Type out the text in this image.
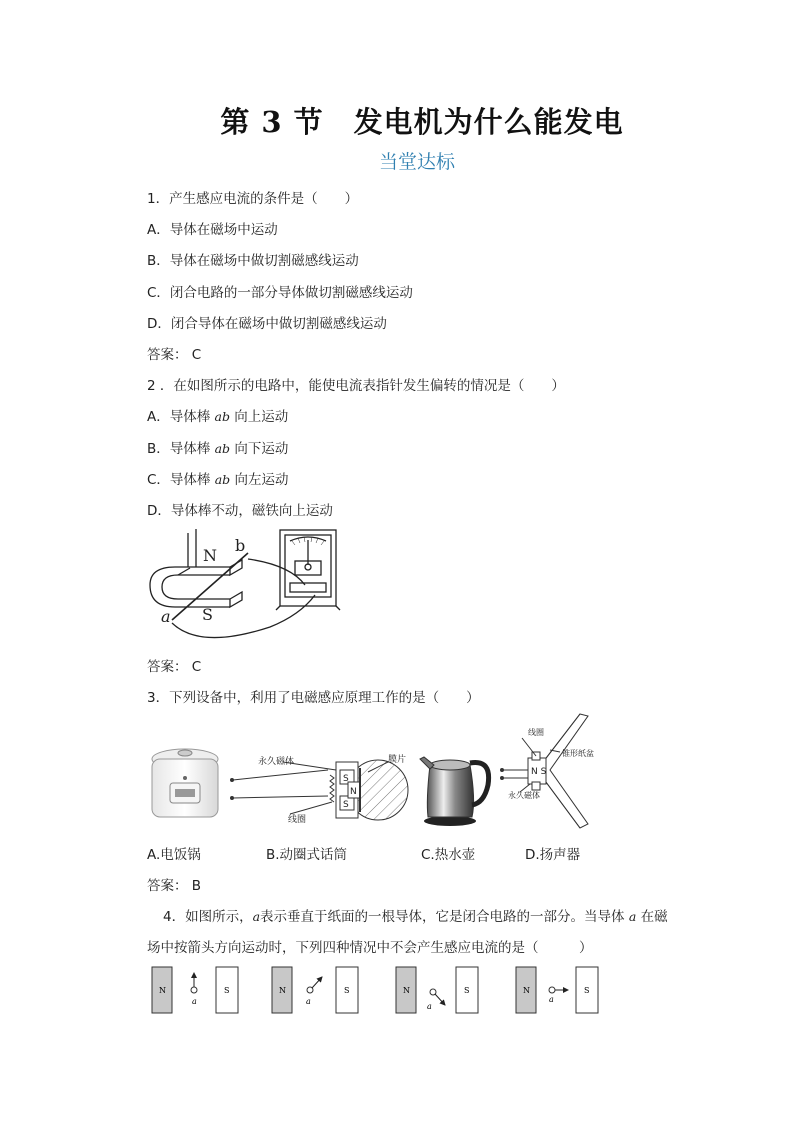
第 3 节　发电机为什么能发电
当堂达标
1．产生感应电流的条件是（　　）
A．导体在磁场中运动
B．导体在磁场中做切割磁感线运动
C．闭合电路的一部分导体做切割磁感线运动
D．闭合导体在磁场中做切割磁感线运动
答案： C
2 ．在如图所示的电路中，能使电流表指针发生偏转的情况是（　　）
A．导体棒 ab 向上运动
B．导体棒 ab 向下运动
C．导体棒 ab 向左运动
D．导体棒不动，磁铁向上运动
N
b
S
a
答案： C
3．下列设备中，利用了电磁感应原理工作的是（　　）
永久磁体
线圈
膜片
S
N
S
线圈
锥形纸盆
永久磁体
N S
A.电饭锅	B.动圈式话筒	C.热水壶	D.扬声器
答案： B
4．如图所示，a表示垂直于纸面的一根导体，它是闭合电路的一部分。当导体 a 在磁
场中按箭头方向运动时，下列四种情况中不会产生感应电流的是（　　　）
N	S
a
N	S
a
N	S
a
N	S
a
